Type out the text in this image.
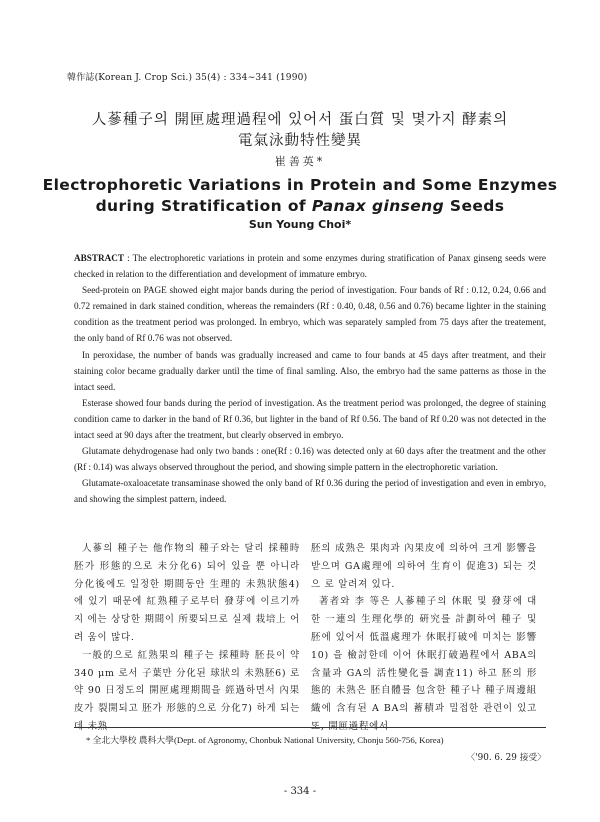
韓作誌(Korean J. Crop Sci.) 35(4) : 334∼341 (1990)
人蔘種子의 開匣處理過程에 있어서 蛋白質 및 몇가지 酵素의
電氣泳動特性變異
崔善英*
Electrophoretic Variations in Protein and Some Enzymes
during Stratification of Panax ginseng Seeds
Sun Young Choi*

ABSTRACT : The electrophoretic variations in protein and some enzymes during stratification of Panax ginseng seeds were checked in relation to the differentiation and development of immature embryo.

Seed-protein on PAGE showed eight major bands during the period of investigation. Four bands of Rf : 0.12, 0.24, 0.66 and 0.72 remained in dark stained condition, whereas the remainders (Rf : 0.40, 0.48, 0.56 and 0.76) became lighter in the staining condition as the treatment period was prolonged. In embryo, which was separately sampled from 75 days after the treatement, the only band of Rf 0.76 was not observed.

In peroxidase, the number of bands was gradually increased and came to four bands at 45 days after treatment, and their staining color became gradually darker until the time of final samling. Also, the embryo had the same patterns as those in the intact seed.

Esterase showed four bands during the period of investigation. As the treatment period was prolonged, the degree of staining condition came to darker in the band of Rf 0.36, but lighter in the band of Rf 0.56. The band of Rf 0.20 was not detected in the intact seed at 90 days after the treatment, but clearly observed in embryo.

Glutamate dehydrogenase had only two bands : one(Rf : 0.16) was detected only at 60 days after the treatment and the other (Rf : 0.14) was always observed throughout the period, and showing simple pattern in the electrophoretic variation.

Glutamate-oxaloacetate transaminase showed the only band of Rf 0.36 during the period of investigation and even in embryo, and showing the simplest pattern, indeed.

人蔘의 種子는 他作物의 種子와는 달리 採種時 胚가 形態的으로 未分化6) 되어 있을 뿐 아니라 分化後에도 일정한 期間동안 生理的 未熟狀態4) 에 있기 때문에 紅熟種子로부터 發芽에 이르기까지 에는 상당한 期間이 所要되므로 실제 栽培上 어려 움이 많다.

一般的으로 紅熟果의 種子는 採種時 胚長이 약 340 μm 로서 子葉만 分化된 球狀의 未熟胚6) 로 약 90 日정도의 開匣處理期間을 經過하면서 內果皮가 裂開되고 胚가 形態的으로 分化7) 하게 되는데 未熟

胚의 成熟은 果肉과 內果皮에 의하여 크게 影響을 받으며 GA處理에 의하여 生育이 促進3) 되는 것으 로 알려져 있다.

著者와 李 等은 人蔘種子의 休眠 및 發芽에 대 한 一連의 生理化學的 硏究를 計劃하여 種子 및 胚에 있어서 低溫處理가 休眠打破에 미치는 影響10) 을 檢討한데 이어 休眠打破過程에서 ABA의 含量과 GA의 活性變化를 調査11) 하고 胚의 形態的 未熟은 胚自體를 包含한 種子나 種子周邊組織에 含有된 A BA의 蓄積과 밀접한 관련이 있고 또, 開匣過程에서

* 全北大學校 農科大學(Dept. of Agronomy, Chonbuk National University, Chonju 560-756, Korea)
〈'90. 6. 29 接受〉
- 334 -
